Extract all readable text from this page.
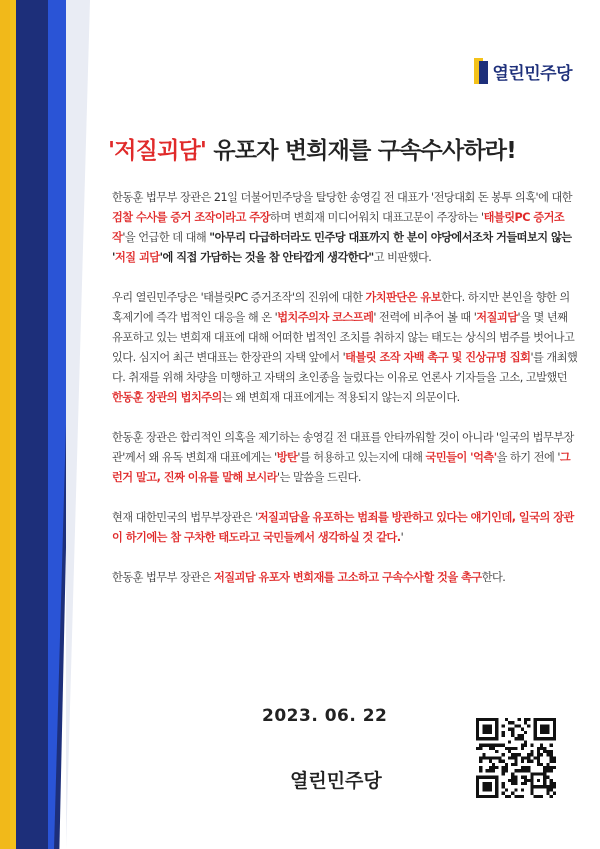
열린민주당
'저질괴담' 유포자 변희재를 구속수사하라!

한동훈 법무부 장관은 21일 더불어민주당을 탈당한 송영길 전 대표가 '전당대회 돈 봉투 의혹'에 대한 검찰 수사를 증거 조작이라고 주장하며 변희재 미디어워치 대표고문이 주장하는 '태블릿PC 증거조작'을 언급한 데 대해 "아무리 다급하더라도 민주당 대표까지 한 분이 야당에서조차 거들떠보지 않는 '저질 괴담'에 직접 가담하는 것을 참 안타깝게 생각한다"고 비판했다.

우리 열린민주당은 '태블릿PC 증거조작'의 진위에 대한 가치판단은 유보한다. 하지만 본인을 향한 의혹제기에 즉각 법적인 대응을 해 온 '법치주의자 코스프레' 전력에 비추어 볼 때 '저질괴담'을 몇 년째 유포하고 있는 변희재 대표에 대해 어떠한 법적인 조치를 취하지 않는 태도는 상식의 범주를 벗어나고 있다. 심지어 최근 변대표는 한장관의 자택 앞에서 '태블릿 조작 자백 촉구 및 진상규명 집회'를 개최했다. 취재를 위해 차량을 미행하고 자택의 초인종을 눌렀다는 이유로 언론사 기자들을 고소, 고발했던 한동훈 장관의 법치주의는 왜 변희재 대표에게는 적용되지 않는지 의문이다.

한동훈 장관은 합리적인 의혹을 제기하는 송영길 전 대표를 안타까워할 것이 아니라 '일국의 법무부장관'께서 왜 유독 변희재 대표에게는 '방탄'를 허용하고 있는지에 대해 국민들이 '억측'을 하기 전에 '그런거 말고, 진짜 이유를 말해 보시라'는 말씀을 드린다.

현재 대한민국의 법무부장관은 '저질괴담을 유포하는 범죄를 방관하고 있다는 얘기인데, 일국의 장관이 하기에는 참 구차한 태도라고 국민들께서 생각하실 것 같다.'

한동훈 법무부 장관은 저질괴담 유포자 변희재를 고소하고 구속수사할 것을 촉구한다.

2023. 06. 22
열린민주당
